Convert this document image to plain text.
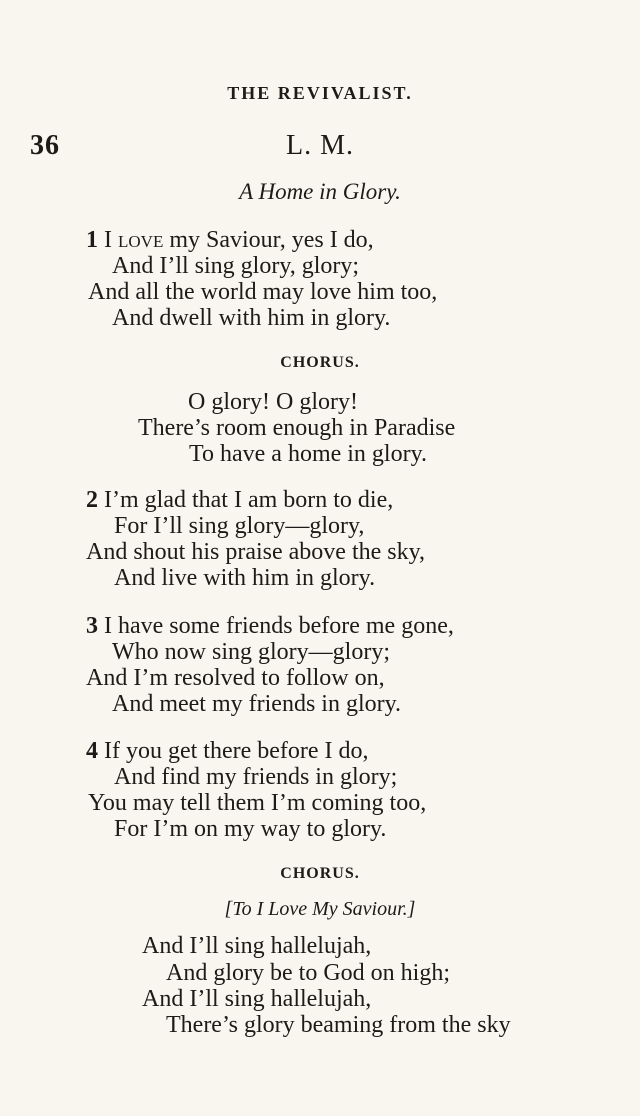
THE REVIVALIST.
36	L. M.
A Home in Glory.
1 I love my Saviour, yes I do,
And I’ll sing glory, glory;
And all the world may love him too,
And dwell with him in glory.
CHORUS.
O glory! O glory!
There’s room enough in Paradise
To have a home in glory.
2 I’m glad that I am born to die,
For I’ll sing glory—glory,
And shout his praise above the sky,
And live with him in glory.
3 I have some friends before me gone,
Who now sing glory—glory;
And I’m resolved to follow on,
And meet my friends in glory.
4 If you get there before I do,
And find my friends in glory;
You may tell them I’m coming too,
For I’m on my way to glory.
CHORUS.
[To I Love My Saviour.]
And I’ll sing hallelujah,
And glory be to God on high;
And I’ll sing hallelujah,
There’s glory beaming from the sky
